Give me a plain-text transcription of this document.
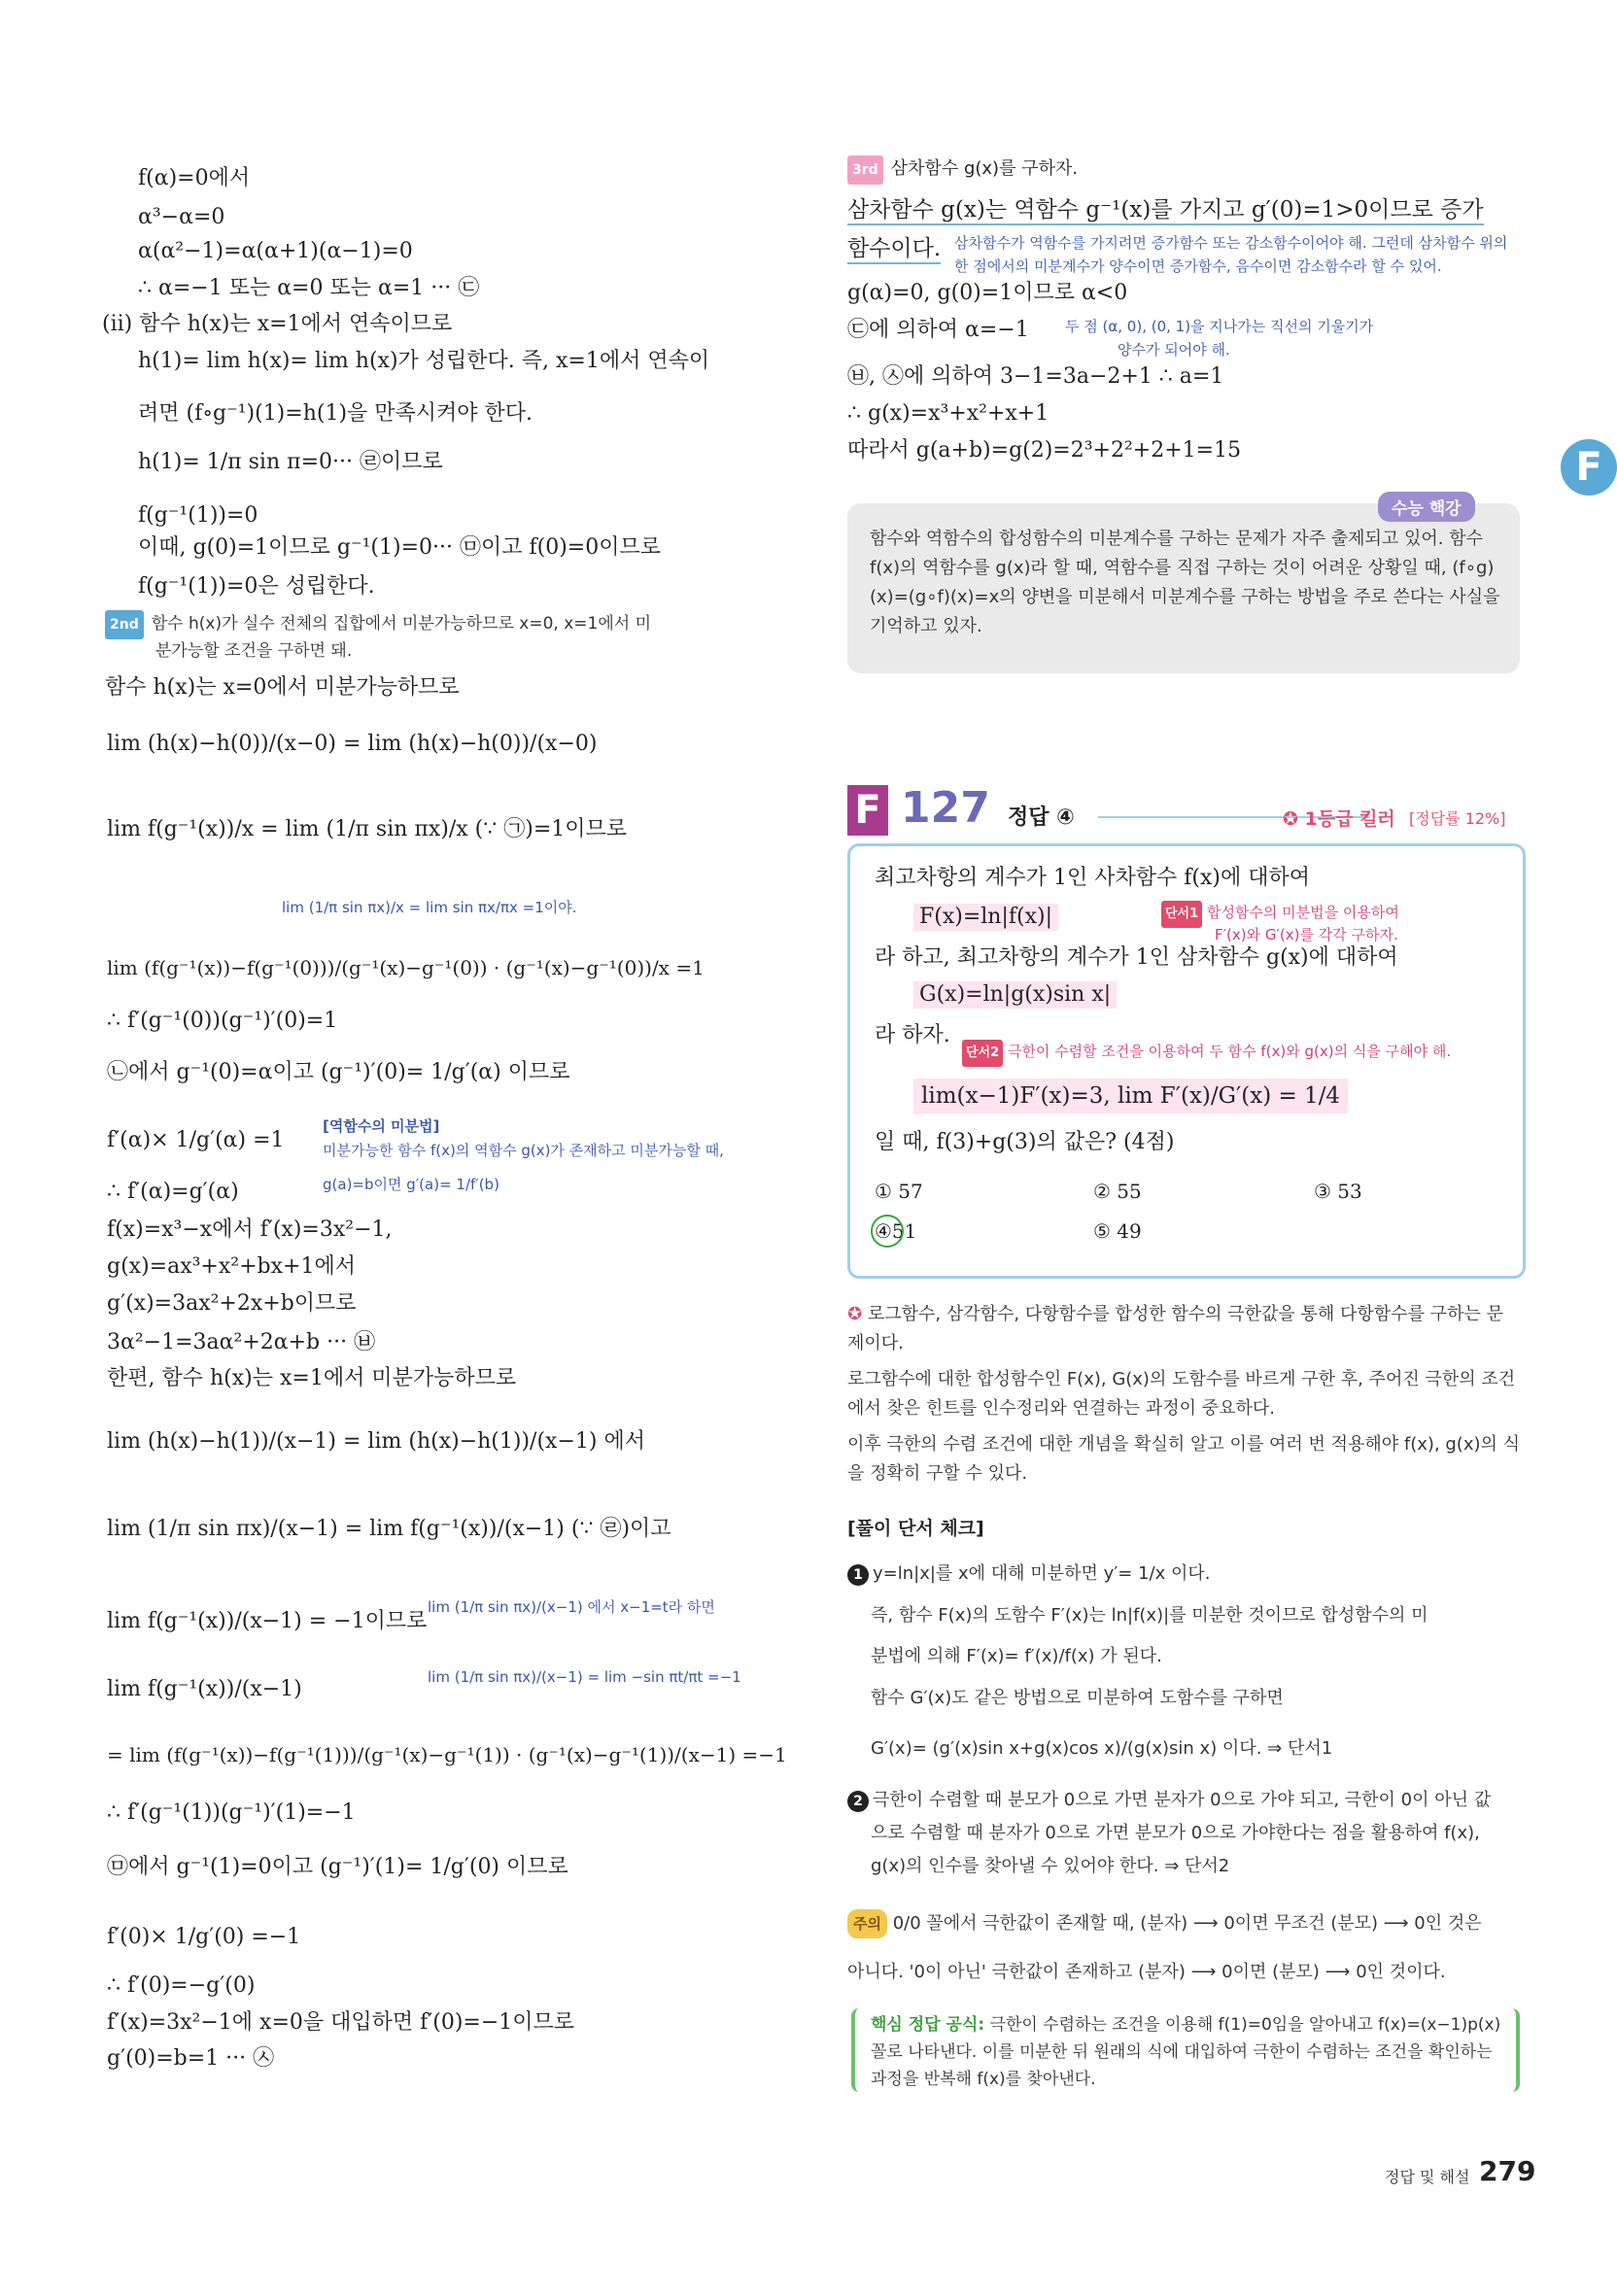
f(α)=0에서
α³−α=0
α(α²−1)=α(α+1)(α−1)=0
∴ α=−1 또는 α=0 또는 α=1 ··· ㉢
(ii) 함수 h(x)는 x=1에서 연속이므로
h(1)= lim h(x)= lim h(x)가 성립한다. 즉, x=1에서 연속이
려면 (f∘g⁻¹)(1)=h(1)을 만족시켜야 한다.
h(1)= 1/π sin π=0··· ㉣이므로
f(g⁻¹(1))=0
이때, g(0)=1이므로 g⁻¹(1)=0··· ㉤이고 f(0)=0이므로
f(g⁻¹(1))=0은 성립한다.
2nd 함수 h(x)가 실수 전체의 집합에서 미분가능하므로 x=0, x=1에서 미
분가능할 조건을 구하면 돼.
함수 h(x)는 x=0에서 미분가능하므로
lim (h(x)−h(0))/(x−0) = lim (h(x)−h(0))/(x−0)
lim f(g⁻¹(x))/x = lim (1/π sin πx)/x (∵ ㉠)=1이므로
lim (1/π sin πx)/x = lim sin πx/πx =1이야.
lim (f(g⁻¹(x))−f(g⁻¹(0)))/(g⁻¹(x)−g⁻¹(0)) · (g⁻¹(x)−g⁻¹(0))/x =1
∴ f′(g⁻¹(0))(g⁻¹)′(0)=1
㉡에서 g⁻¹(0)=α이고 (g⁻¹)′(0)= 1/g′(α) 이므로
f′(α)× 1/g′(α) =1
[역함수의 미분법]
미분가능한 함수 f(x)의 역함수 g(x)가 존재하고 미분가능할 때,
g(a)=b이면 g′(a)= 1/f′(b)
∴ f′(α)=g′(α)
f(x)=x³−x에서 f′(x)=3x²−1,
g(x)=ax³+x²+bx+1에서
g′(x)=3ax²+2x+b이므로
3α²−1=3aα²+2α+b ··· ㉥
한편, 함수 h(x)는 x=1에서 미분가능하므로
lim (h(x)−h(1))/(x−1) = lim (h(x)−h(1))/(x−1) 에서
lim (1/π sin πx)/(x−1) = lim f(g⁻¹(x))/(x−1) (∵ ㉣)이고
lim f(g⁻¹(x))/(x−1) = −1이므로
lim (1/π sin πx)/(x−1) 에서 x−1=t라 하면
lim (1/π sin πx)/(x−1) = lim −sin πt/πt =−1
lim f(g⁻¹(x))/(x−1)
= lim (f(g⁻¹(x))−f(g⁻¹(1)))/(g⁻¹(x)−g⁻¹(1)) · (g⁻¹(x)−g⁻¹(1))/(x−1) =−1
∴ f′(g⁻¹(1))(g⁻¹)′(1)=−1
㉤에서 g⁻¹(1)=0이고 (g⁻¹)′(1)= 1/g′(0) 이므로
f′(0)× 1/g′(0) =−1
∴ f′(0)=−g′(0)
f′(x)=3x²−1에 x=0을 대입하면 f′(0)=−1이므로
g′(0)=b=1 ··· ㉦
3rd 삼차함수 g(x)를 구하자.
삼차함수 g(x)는 역함수 g⁻¹(x)를 가지고 g′(0)=1>0이므로 증가
함수이다. 삼차함수가 역함수를 가지려면 증가함수 또는 감소함수이어야 해. 그런데 삼차함수 위의
한 점에서의 미분계수가 양수이면 증가함수, 음수이면 감소함수라 할 수 있어.
g(α)=0, g(0)=1이므로 α<0
㉢에 의하여 α=−1 두 점 (α, 0), (0, 1)을 지나가는 직선의 기울기가
양수가 되어야 해.
㉥, ㉦에 의하여 3−1=3a−2+1 ∴ a=1
∴ g(x)=x³+x²+x+1
따라서 g(a+b)=g(2)=2³+2²+2+1=15	F
수능 핵강
함수와 역함수의 합성함수의 미분계수를 구하는 문제가 자주 출제되고 있어. 함수 f(x)의 역함수를 g(x)라 할 때, 역함수를 직접 구하는 것이 어려운 상황일 때, (f∘g)(x)=(g∘f)(x)=x의 양변을 미분해서 미분계수를 구하는 방법을 주로 쓴다는 사실을 기억하고 있자.
F 127 정답 ④	✪ 1등급 킬러 [정답률 12%]
최고차항의 계수가 1인 사차함수 f(x)에 대하여
F(x)=ln|f(x)|	단서1 합성함수의 미분법을 이용하여
F′(x)와 G′(x)를 각각 구하자.
라 하고, 최고차항의 계수가 1인 삼차함수 g(x)에 대하여
G(x)=ln|g(x)sin x|
라 하자.
단서2 극한이 수렴할 조건을 이용하여 두 함수 f(x)와 g(x)의 식을 구해야 해.
lim(x−1)F′(x)=3, lim F′(x)/G′(x) = 1/4
일 때, f(3)+g(3)의 값은? (4점)
① 57	② 55	③ 53
④51	⑤ 49
✪ 로그함수, 삼각함수, 다항함수를 합성한 함수의 극한값을 통해 다항함수를 구하는 문제이다.
로그함수에 대한 합성함수인 F(x), G(x)의 도함수를 바르게 구한 후, 주어진 극한의 조건에서 찾은 힌트를 인수정리와 연결하는 과정이 중요하다.
이후 극한의 수렴 조건에 대한 개념을 확실히 알고 이를 여러 번 적용해야 f(x), g(x)의 식을 정확히 구할 수 있다.
[풀이 단서 체크]
1 y=ln|x|를 x에 대해 미분하면 y′= 1/x 이다.
즉, 함수 F(x)의 도함수 F′(x)는 ln|f(x)|를 미분한 것이므로 합성함수의 미
분법에 의해 F′(x)= f′(x)/f(x) 가 된다.
함수 G′(x)도 같은 방법으로 미분하여 도함수를 구하면
G′(x)= (g′(x)sin x+g(x)cos x)/(g(x)sin x) 이다. ⇒ 단서1
2 극한이 수렴할 때 분모가 0으로 가면 분자가 0으로 가야 되고, 극한이 0이 아닌 값
으로 수렴할 때 분자가 0으로 가면 분모가 0으로 가야한다는 점을 활용하여 f(x),
g(x)의 인수를 찾아낼 수 있어야 한다. ⇒ 단서2
주의 0/0 꼴에서 극한값이 존재할 때, (분자) ⟶ 0이면 무조건 (분모) ⟶ 0인 것은
아니다. '0이 아닌' 극한값이 존재하고 (분자) ⟶ 0이면 (분모) ⟶ 0인 것이다.
핵심 정답 공식: 극한이 수렴하는 조건을 이용해 f(1)=0임을 알아내고 f(x)=(x−1)p(x) 꼴로 나타낸다. 이를 미분한 뒤 원래의 식에 대입하여 극한이 수렴하는 조건을 확인하는 과정을 반복해 f(x)를 찾아낸다.
정답 및 해설 279
